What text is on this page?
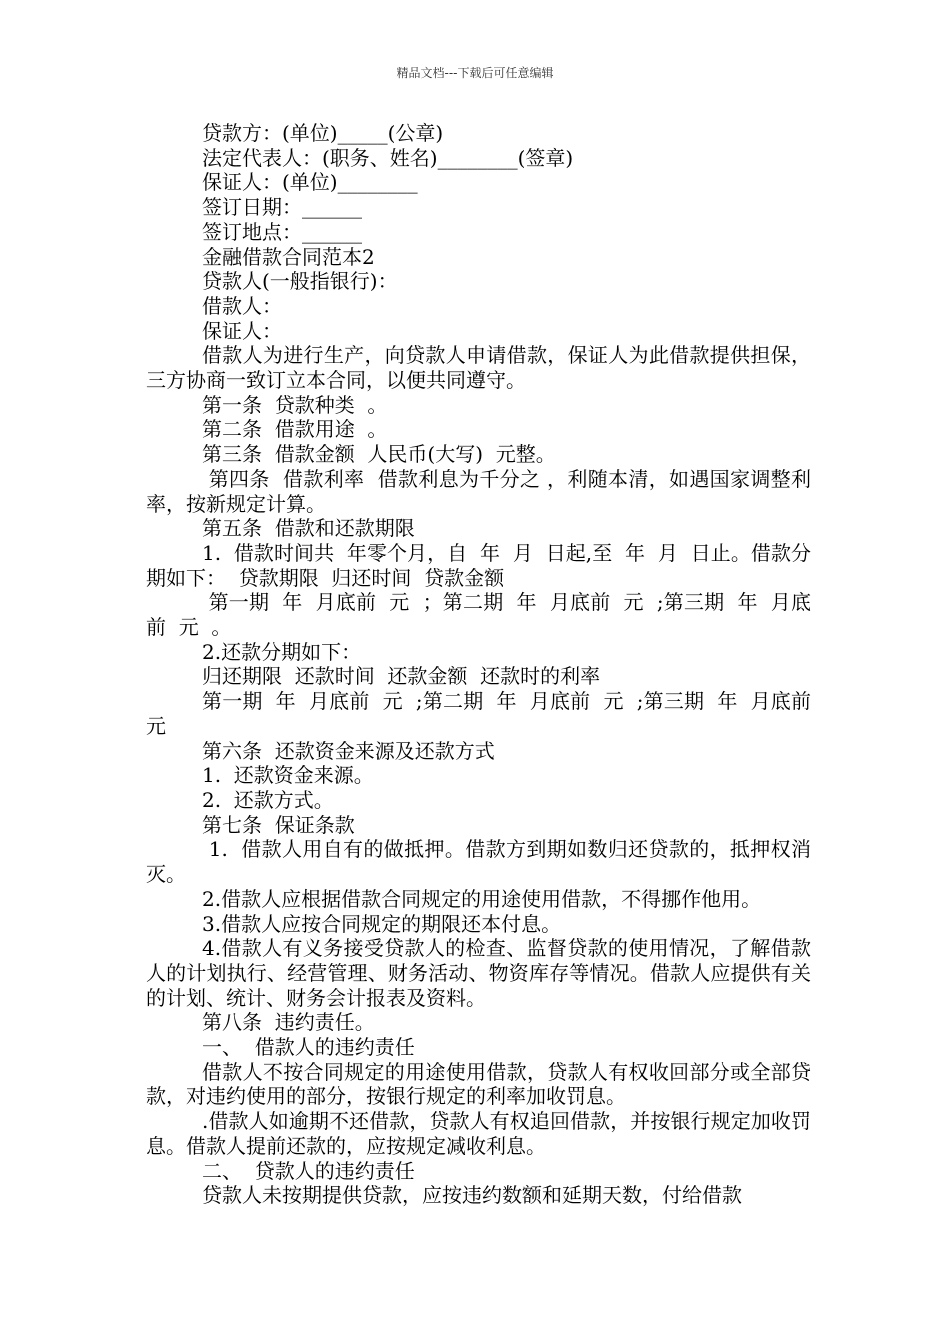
精品文档---下载后可任意编辑

贷款方：(单位)_____(公章)

法定代表人：(职务、姓名)________(签章)

保证人：(单位)________

签订日期：______

签订地点：______

金融借款合同范本2

贷款人(一般指银行)：

借款人：

保证人：

借款人为进行生产，向贷款人申请借款，保证人为此借款提供担保，三方协商一致订立本合同，以便共同遵守。

第一条  贷款种类  。

第二条  借款用途  。

第三条  借款金额  人民币(大写)  元整。

第四条  借款利率  借款利息为千分之 ，利随本清，如遇国家调整利率，按新规定计算。

第五条  借款和还款期限

1.  借款时间共  年零个月，自  年  月  日起,至  年  月  日止。借款分期如下：  贷款期限  归还时间  贷款金额

第一期  年  月底前  元  ；第二期  年  月底前  元  ;第三期  年  月底前  元  。

2.还款分期如下：

归还期限  还款时间  还款金额  还款时的利率

第一期  年  月底前  元  ;第二期  年  月底前  元  ;第三期  年  月底前  元

第六条  还款资金来源及还款方式

1.  还款资金来源。

2.  还款方式。

第七条  保证条款

1.  借款人用自有的做抵押。借款方到期如数归还贷款的，抵押权消灭。

2.借款人应根据借款合同规定的用途使用借款，不得挪作他用。

3.借款人应按合同规定的期限还本付息。

4.借款人有义务接受贷款人的检查、监督贷款的使用情况，了解借款人的计划执行、经营管理、财务活动、物资库存等情况。借款人应提供有关的计划、统计、财务会计报表及资料。

第八条  违约责任。

一、  借款人的违约责任

借款人不按合同规定的用途使用借款，贷款人有权收回部分或全部贷款，对违约使用的部分，按银行规定的利率加收罚息。

.借款人如逾期不还借款，贷款人有权追回借款，并按银行规定加收罚息。借款人提前还款的，应按规定减收利息。

二、  贷款人的违约责任

贷款人未按期提供贷款，应按违约数额和延期天数，付给借款
